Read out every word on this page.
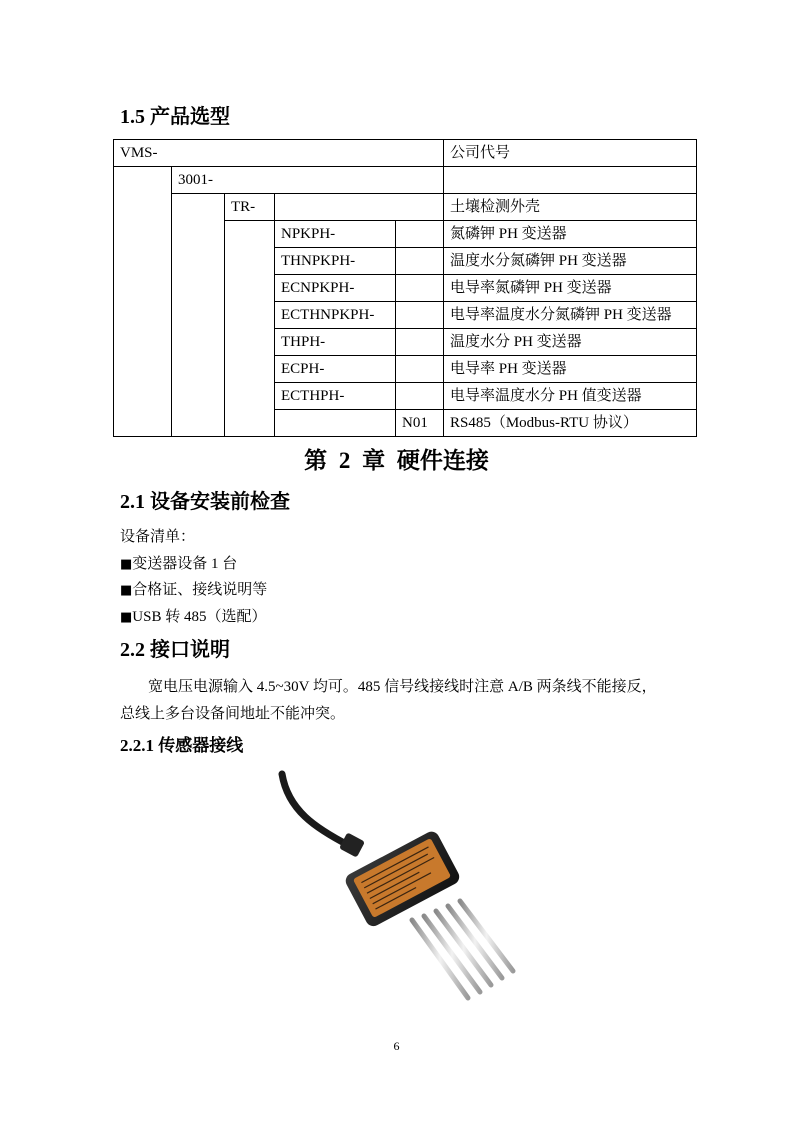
1.5 产品选型
VMS-					公司代号
	3001-				
		TR-			土壤检测外壳
			NPKPH-		氮磷钾 PH 变送器
			THNPKPH-		温度水分氮磷钾 PH 变送器
			ECNPKPH-		电导率氮磷钾 PH 变送器
			ECTHNPKPH-		电导率温度水分氮磷钾 PH 变送器
			THPH-		温度水分 PH 变送器
			ECPH-		电导率 PH 变送器
			ECTHPH-		电导率温度水分 PH 值变送器
				N01	RS485（Modbus-RTU 协议）
第 2 章 硬件连接
2.1 设备安装前检查

设备清单：

■变送器设备 1 台

■合格证、接线说明等

■USB 转 485（选配）

2.2 接口说明

宽电压电源输入 4.5~30V 均可。485 信号线接线时注意 A/B 两条线不能接反，

总线上多台设备间地址不能冲突。

2.2.1 传感器接线
6
